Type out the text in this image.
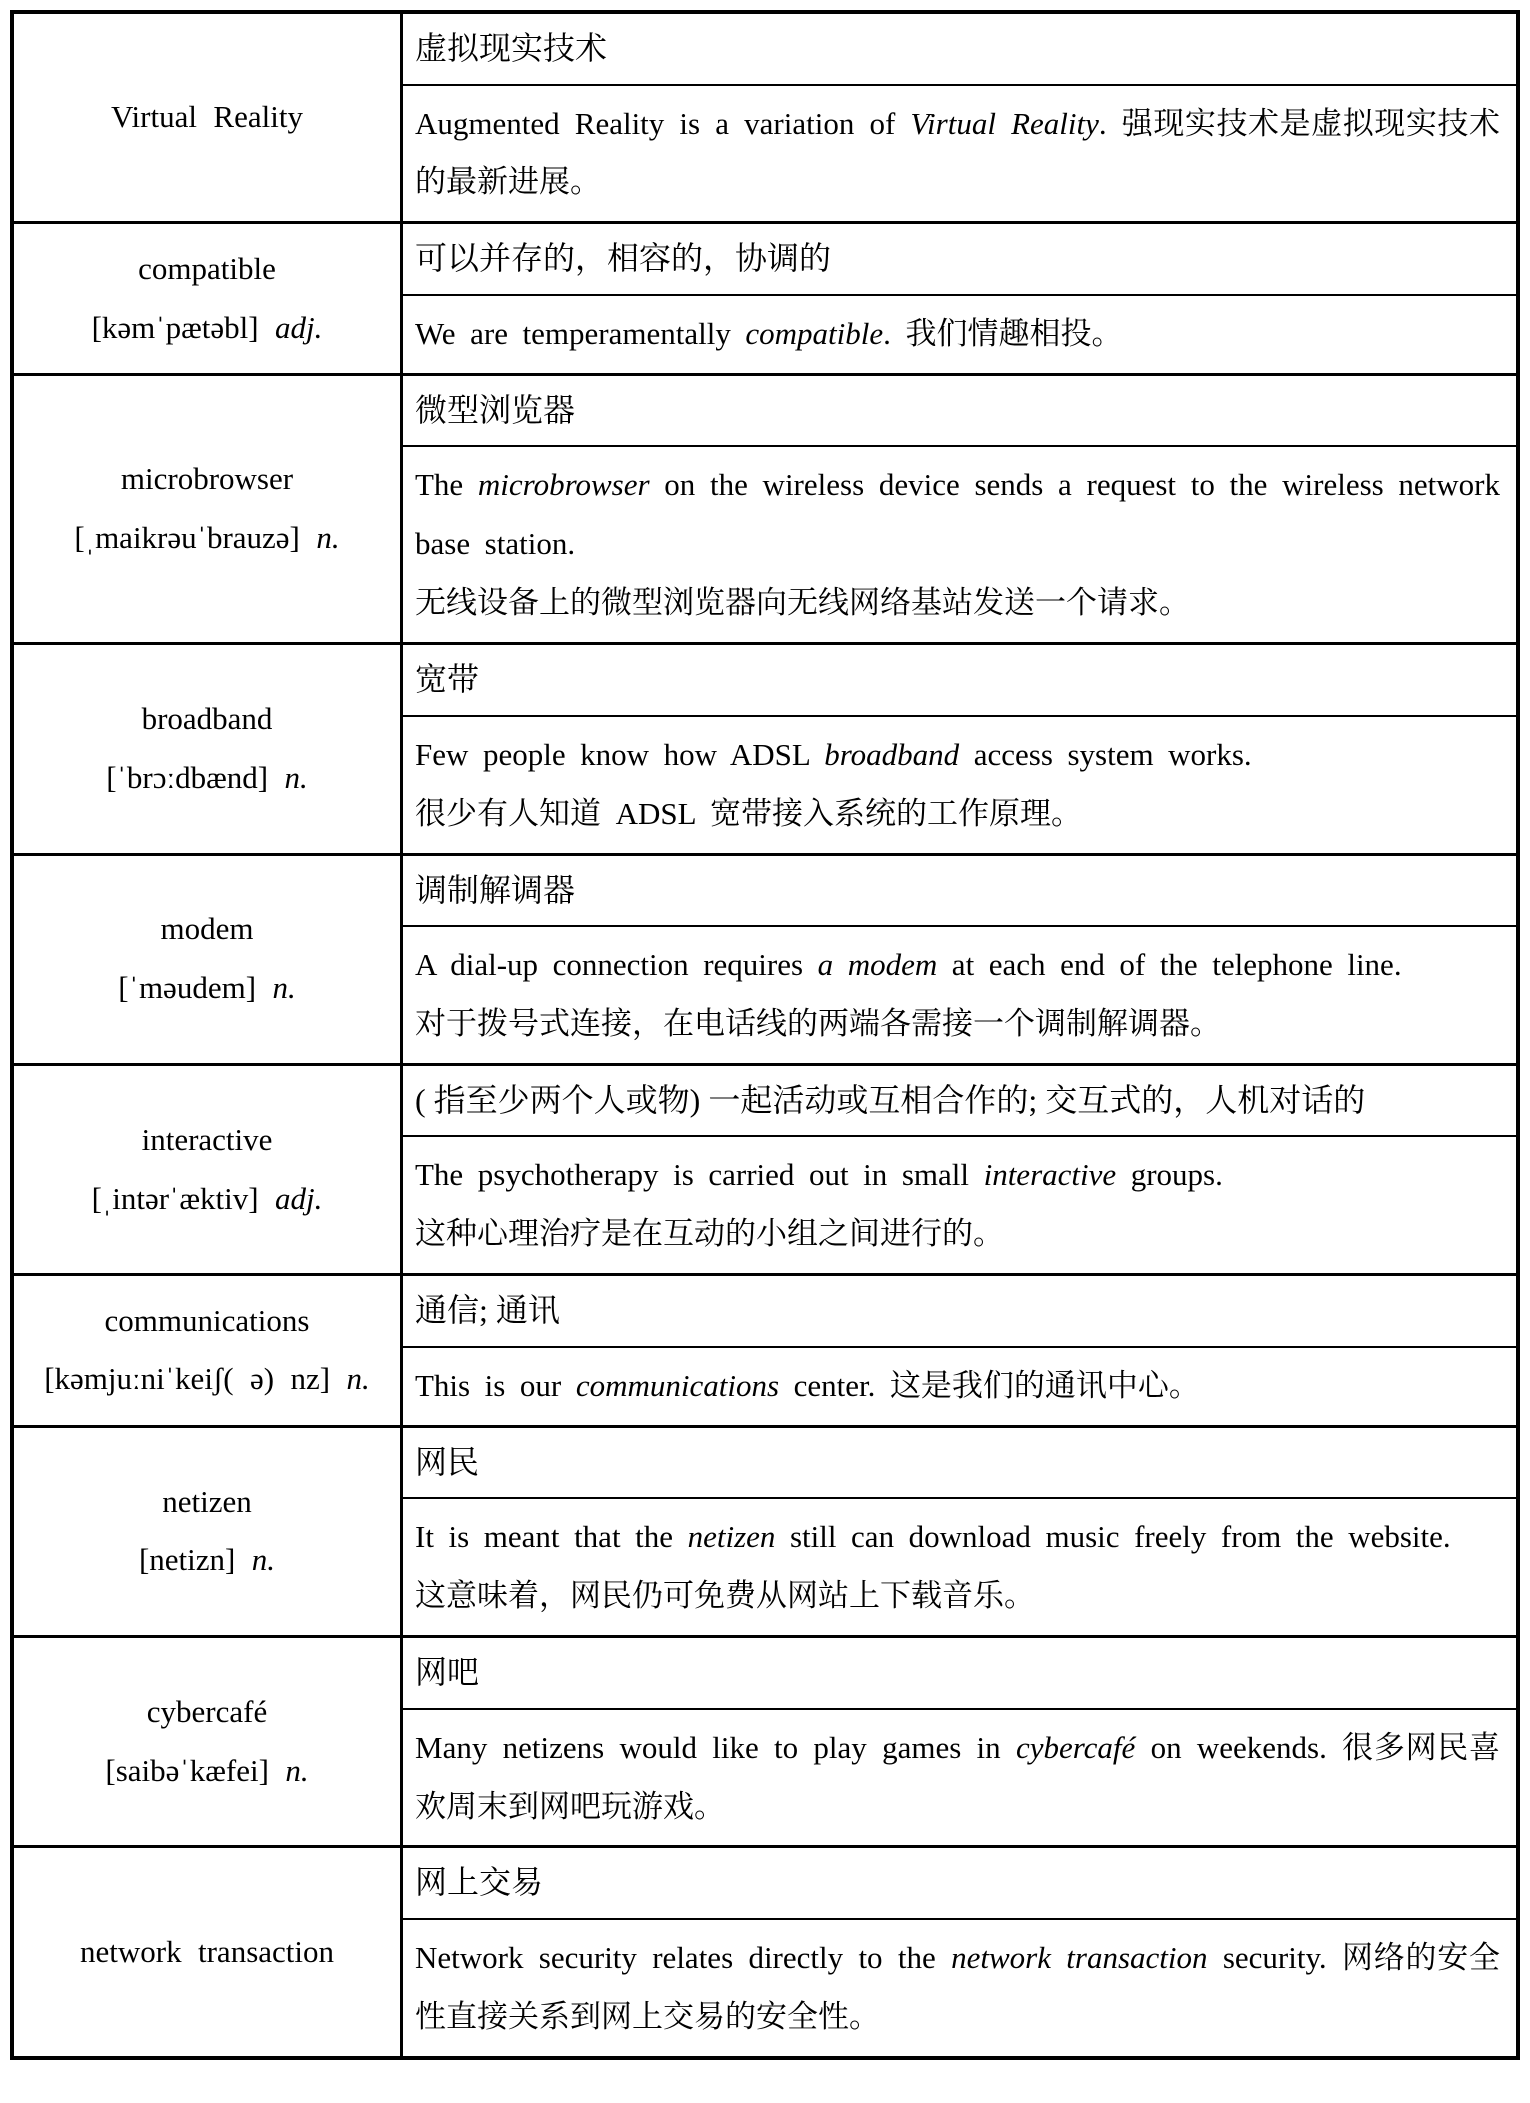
Virtual Reality
虚拟现实技术

Augmented Reality is a variation of Virtual Reality. 强现实技术是虚拟现实技术的最新进展。

compatible
[kəmˈpætəbl] adj.
可以并存的，相容的，协调的

We are temperamentally compatible. 我们情趣相投。

microbrowser
[ˌmaikrəuˈbrauzə] n.
微型浏览器

The microbrowser on the wireless device sends a request to the wireless network base station.

无线设备上的微型浏览器向无线网络基站发送一个请求。

broadband
[ˈbrɔːdbænd] n.
宽带

Few people know how ADSL broadband access system works.

很少有人知道 ADSL 宽带接入系统的工作原理。

modem
[ˈməudem] n.
调制解调器

A dial-up connection requires a modem at each end of the telephone line.

对于拨号式连接，在电话线的两端各需接一个调制解调器。

interactive
[ˌintərˈæktiv] adj.
( 指至少两个人或物) 一起活动或互相合作的; 交互式的，人机对话的

The psychotherapy is carried out in small interactive groups.

这种心理治疗是在互动的小组之间进行的。

communications
[kəmjuːniˈkeiʃ( ə) nz] n.
通信; 通讯

This is our communications center. 这是我们的通讯中心。

netizen
[netizn] n.
网民

It is meant that the netizen still can download music freely from the website.

这意味着，网民仍可免费从网站上下载音乐。

cybercafé
[saibəˈkæfei] n.
网吧

Many netizens would like to play games in cybercafé on weekends. 很多网民喜欢周末到网吧玩游戏。

network transaction
网上交易

Network security relates directly to the network transaction security. 网络的安全性直接关系到网上交易的安全性。
